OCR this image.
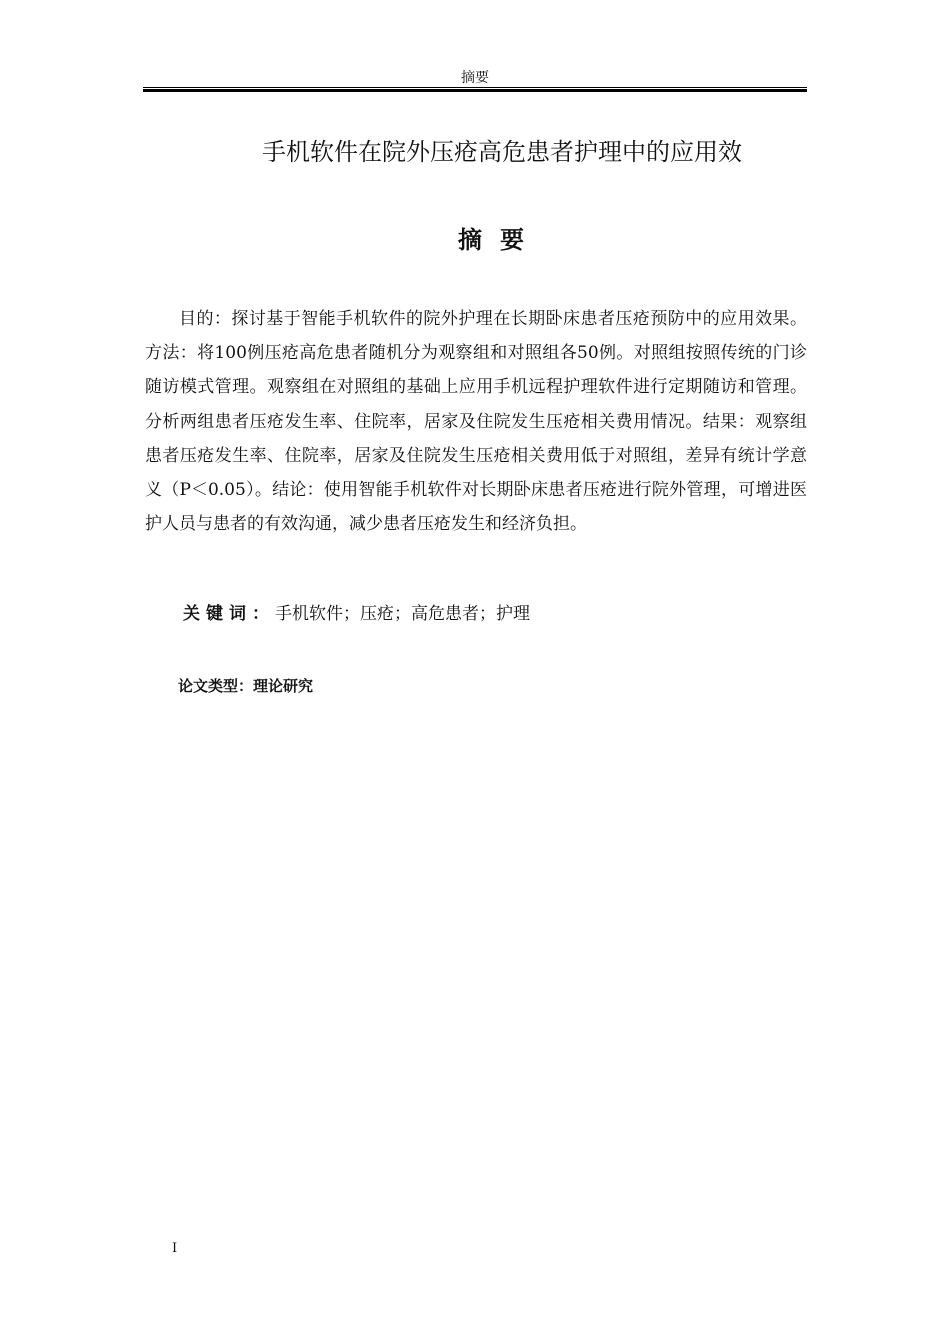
摘要
手机软件在院外压疮高危患者护理中的应用效
摘要

目的：探讨基于智能手机软件的院外护理在长期卧床患者压疮预防中的应用效果。方法：将100例压疮高危患者随机分为观察组和对照组各50例。对照组按照传统的门诊随访模式管理。观察组在对照组的基础上应用手机远程护理软件进行定期随访和管理。分析两组患者压疮发生率、住院率，居家及住院发生压疮相关费用情况。结果：观察组患者压疮发生率、住院率，居家及住院发生压疮相关费用低于对照组，差异有统计学意义（P＜0.05）。结论：使用智能手机软件对长期卧床患者压疮进行院外管理，可增进医护人员与患者的有效沟通，减少患者压疮发生和经济负担。

关键词：手机软件；压疮；高危患者；护理
论文类型：理论研究
I
